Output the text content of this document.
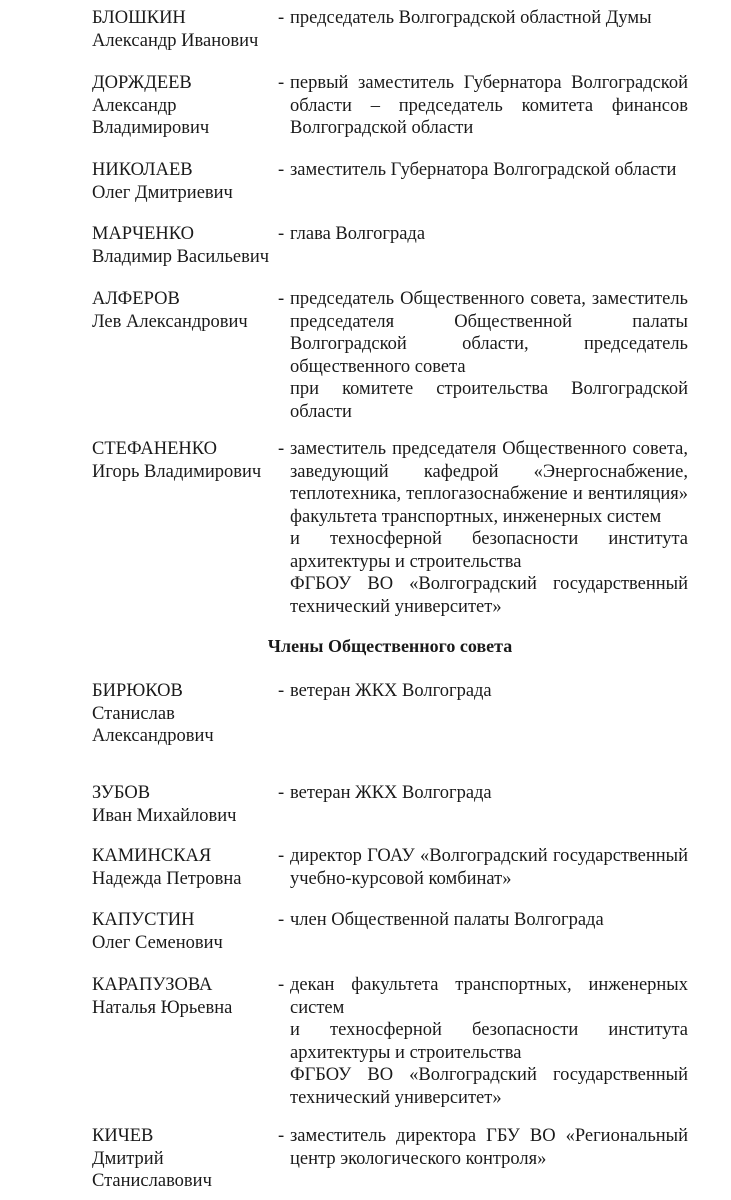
БЛОШКИН
Александр Иванович
- председатель Волгоградской областной Думы
ДОРЖДЕЕВ
Александр
Владимирович
- первый заместитель Губернатора Волгоградской
области – председатель комитета финансов
Волгоградской области
НИКОЛАЕВ
Олег Дмитриевич
- заместитель Губернатора Волгоградской области
МАРЧЕНКО
Владимир Васильевич
- глава Волгограда
АЛФЕРОВ
Лев Александрович
- председатель Общественного совета, заместитель
председателя Общественной палаты
Волгоградской области, председатель
общественного совета
при комитете строительства Волгоградской
области
СТЕФАНЕНКО
Игорь Владимирович
- заместитель председателя Общественного совета,
заведующий кафедрой «Энергоснабжение,
теплотехника, теплогазоснабжение и вентиляция»
факультета транспортных, инженерных систем
и техносферной безопасности института
архитектуры и строительства
ФГБОУ ВО «Волгоградский государственный
технический университет»
Члены Общественного совета
БИРЮКОВ
Станислав
Александрович
- ветеран ЖКХ Волгограда
ЗУБОВ
Иван Михайлович
- ветеран ЖКХ Волгограда
КАМИНСКАЯ
Надежда Петровна
- директор ГОАУ «Волгоградский государственный
учебно-курсовой комбинат»
КАПУСТИН
Олег Семенович
- член Общественной палаты Волгограда
КАРАПУЗОВА
Наталья Юрьевна
- декан факультета транспортных, инженерных
систем
и техносферной безопасности института
архитектуры и строительства
ФГБОУ ВО «Волгоградский государственный
технический университет»
КИЧЕВ
Дмитрий
Станиславович
- заместитель директора ГБУ ВО «Региональный
центр экологического контроля»
